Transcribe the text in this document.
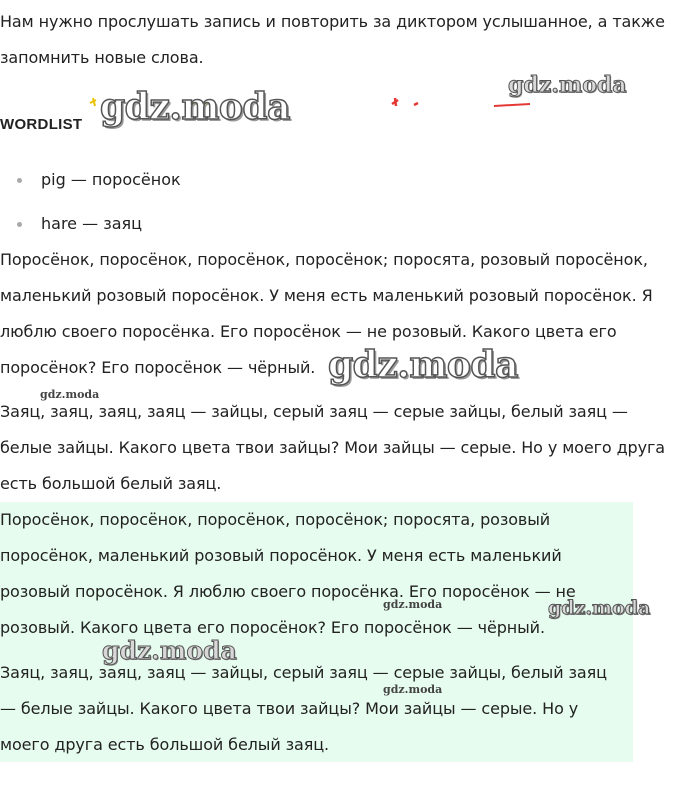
Нам нужно прослушать запись и повторить за диктором услышанное, а также
запомнить новые слова.

WORDLIST
pig — поросёнок
hare — заяц

Поросёнок, поросёнок, поросёнок, поросёнок; поросята, розовый поросёнок,
маленький розовый поросёнок. У меня есть маленький розовый поросёнок. Я
люблю своего поросёнка. Его поросёнок — не розовый. Какого цвета его
поросёнок? Его поросёнок — чёрный.

Заяц, заяц, заяц, заяц — зайцы, серый заяц — серые зайцы, белый заяц —
белые зайцы. Какого цвета твои зайцы? Мои зайцы — серые. Но у моего друга
есть большой белый заяц.

Поросёнок, поросёнок, поросёнок, поросёнок; поросята, розовый
поросёнок, маленький розовый поросёнок. У меня есть маленький
розовый поросёнок. Я люблю своего поросёнка. Его поросёнок — не
розовый. Какого цвета его поросёнок? Его поросёнок — чёрный.

Заяц, заяц, заяц, заяц — зайцы, серый заяц — серые зайцы, белый заяц
— белые зайцы. Какого цвета твои зайцы? Мои зайцы — серые. Но у
моего друга есть большой белый заяц.

gdz.moda
gdz.moda
gdz.moda
gdz.moda
gdz.moda	gdz.moda
gdz.moda
gdz.moda
